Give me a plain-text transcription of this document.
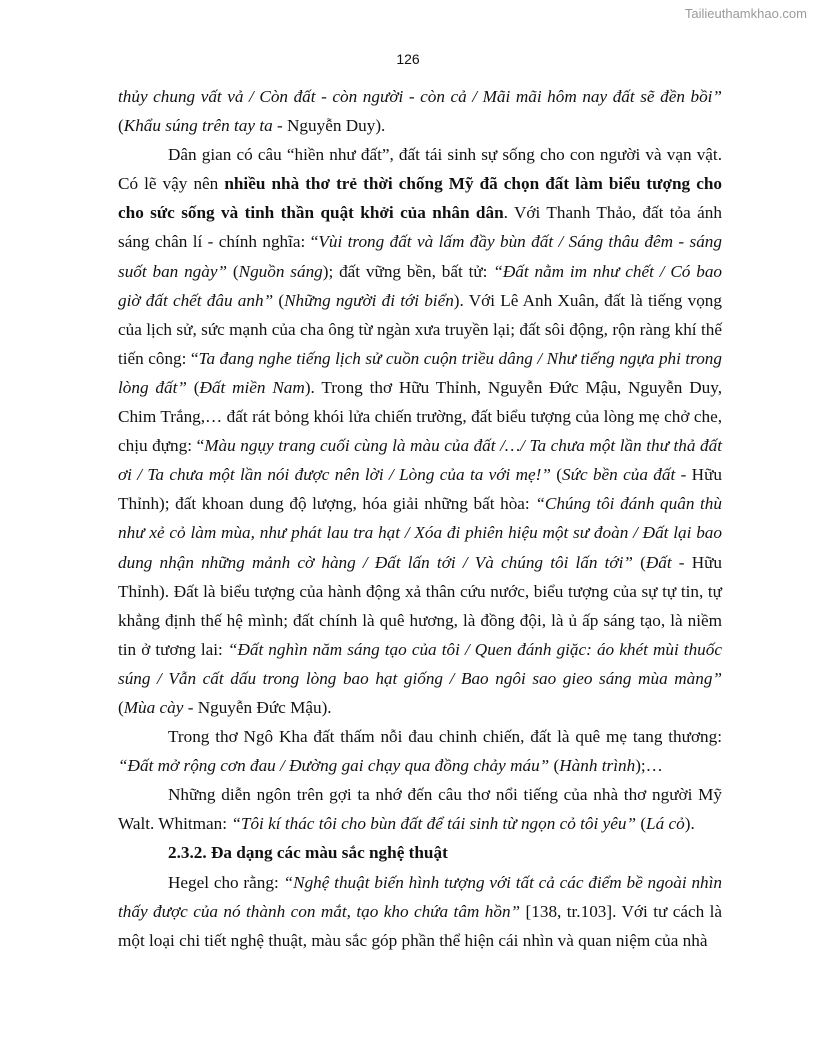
Tailieuthamkhao.com
126

thủy chung vất vả / Còn đất - còn người - còn cả / Mãi mãi hôm nay đất sẽ đền bồi” (Khẩu súng trên tay ta - Nguyễn Duy).

Dân gian có câu “hiền như đất”, đất tái sinh sự sống cho con người và vạn vật. Có lẽ vậy nên nhiều nhà thơ trẻ thời chống Mỹ đã chọn đất làm biểu tượng cho cho sức sống và tinh thần quật khởi của nhân dân. Với Thanh Thảo, đất tỏa ánh sáng chân lí - chính nghĩa: “Vùi trong đất và lấm đầy bùn đất / Sáng thâu đêm - sáng suốt ban ngày” (Nguồn sáng); đất vững bền, bất tử: “Đất nằm im như chết / Có bao giờ đất chết đâu anh” (Những người đi tới biển). Với Lê Anh Xuân, đất là tiếng vọng của lịch sử, sức mạnh của cha ông từ ngàn xưa truyền lại; đất sôi động, rộn ràng khí thế tiến công: “Ta đang nghe tiếng lịch sử cuồn cuộn triều dâng / Như tiếng ngựa phi trong lòng đất” (Đất miền Nam). Trong thơ Hữu Thỉnh, Nguyễn Đức Mậu, Nguyễn Duy, Chim Trắng,… đất rát bỏng khói lửa chiến trường, đất biểu tượng của lòng mẹ chở che, chịu đựng: “Màu ngụy trang cuối cùng là màu của đất /…/ Ta chưa một lần thư thả đất ơi / Ta chưa một lần nói được nên lời / Lòng của ta với mẹ!” (Sức bền của đất - Hữu Thỉnh); đất khoan dung độ lượng, hóa giải những bất hòa: “Chúng tôi đánh quân thù như xẻ cỏ làm mùa, như phát lau tra hạt / Xóa đi phiên hiệu một sư đoàn / Đất lại bao dung nhận những mảnh cờ hàng / Đất lấn tới / Và chúng tôi lấn tới” (Đất - Hữu Thỉnh). Đất là biểu tượng của hành động xả thân cứu nước, biểu tượng của sự tự tin, tự khẳng định thế hệ mình; đất chính là quê hương, là đồng đội, là ủ ấp sáng tạo, là niềm tin ở tương lai: “Đất nghìn năm sáng tạo của tôi / Quen đánh giặc: áo khét mùi thuốc súng / Vẫn cất dấu trong lòng bao hạt giống / Bao ngôi sao gieo sáng mùa màng” (Mùa cày - Nguyễn Đức Mậu).

Trong thơ Ngô Kha đất thấm nỗi đau chinh chiến, đất là quê mẹ tang thương: “Đất mở rộng cơn đau / Đường gai chạy qua đồng chảy máu” (Hành trình);…

Những diễn ngôn trên gợi ta nhớ đến câu thơ nổi tiếng của nhà thơ người Mỹ Walt. Whitman: “Tôi kí thác tôi cho bùn đất để tái sinh từ ngọn cỏ tôi yêu” (Lá cỏ).

2.3.2. Đa dạng các màu sắc nghệ thuật

Hegel cho rằng: “Nghệ thuật biến hình tượng với tất cả các điểm bề ngoài nhìn thấy được của nó thành con mắt, tạo kho chứa tâm hồn” [138, tr.103]. Với tư cách là một loại chi tiết nghệ thuật, màu sắc góp phần thể hiện cái nhìn và quan niệm của nhà
